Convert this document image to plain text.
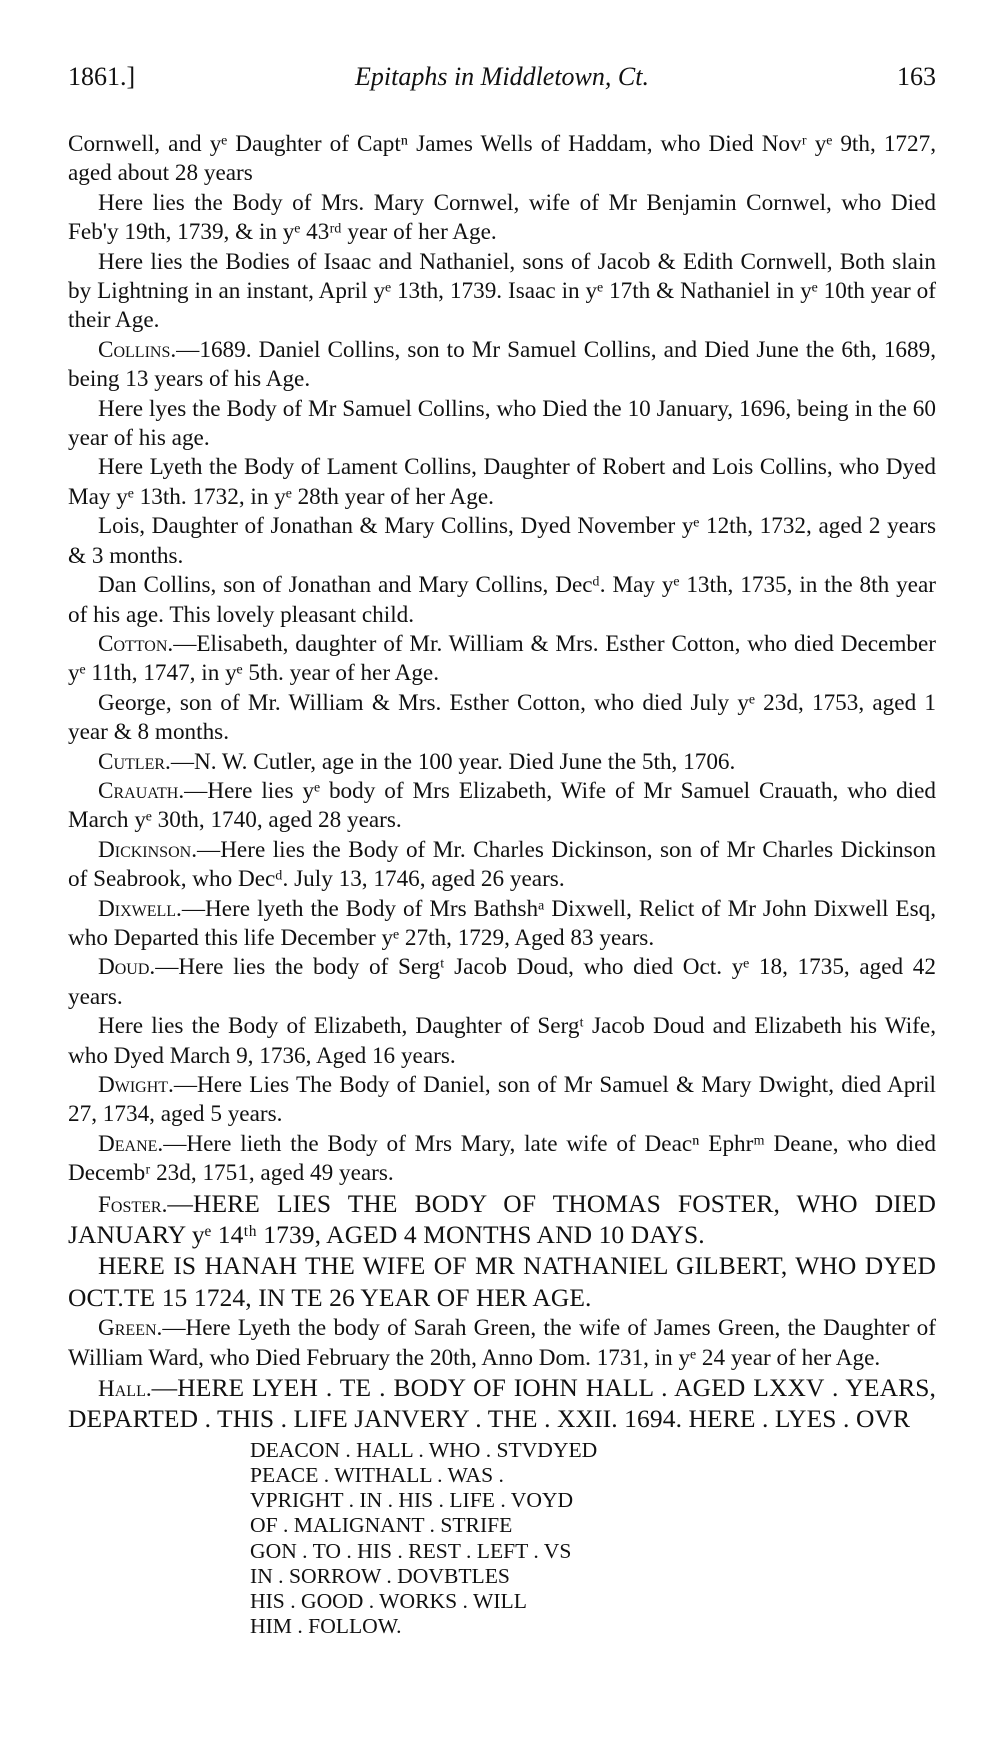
1861.]	Epitaphs in Middletown, Ct.	163

Cornwell, and yᵉ Daughter of Captⁿ James Wells of Haddam, who Died Novʳ yᵉ 9th, 1727, aged about 28 years

Here lies the Body of Mrs. Mary Cornwel, wife of Mr Benjamin Cornwel, who Died Feb'y 19th, 1739, & in yᵉ 43ʳᵈ year of her Age.

Here lies the Bodies of Isaac and Nathaniel, sons of Jacob & Edith Cornwell, Both slain by Lightning in an instant, April yᵉ 13th, 1739. Isaac in yᵉ 17th & Nathaniel in yᵉ 10th year of their Age.

Collins.—1689. Daniel Collins, son to Mr Samuel Collins, and Died June the 6th, 1689, being 13 years of his Age.

Here lyes the Body of Mr Samuel Collins, who Died the 10 January, 1696, being in the 60 year of his age.

Here Lyeth the Body of Lament Collins, Daughter of Robert and Lois Collins, who Dyed May yᵉ 13th. 1732, in yᵉ 28th year of her Age.

Lois, Daughter of Jonathan & Mary Collins, Dyed November yᵉ 12th, 1732, aged 2 years & 3 months.

Dan Collins, son of Jonathan and Mary Collins, Decᵈ. May yᵉ 13th, 1735, in the 8th year of his age. This lovely pleasant child.

Cotton.—Elisabeth, daughter of Mr. William & Mrs. Esther Cotton, who died December yᵉ 11th, 1747, in yᵉ 5th. year of her Age.

George, son of Mr. William & Mrs. Esther Cotton, who died July yᵉ 23d, 1753, aged 1 year & 8 months.

Cutler.—N. W. Cutler, age in the 100 year. Died June the 5th, 1706.

Crauath.—Here lies yᵉ body of Mrs Elizabeth, Wife of Mr Samuel Crauath, who died March yᵉ 30th, 1740, aged 28 years.

Dickinson.—Here lies the Body of Mr. Charles Dickinson, son of Mr Charles Dickinson of Seabrook, who Decᵈ. July 13, 1746, aged 26 years.

Dixwell.—Here lyeth the Body of Mrs Bathshᵃ Dixwell, Relict of Mr John Dixwell Esq, who Departed this life December yᵉ 27th, 1729, Aged 83 years.

Doud.—Here lies the body of Sergᵗ Jacob Doud, who died Oct. yᵉ 18, 1735, aged 42 years.

Here lies the Body of Elizabeth, Daughter of Sergᵗ Jacob Doud and Elizabeth his Wife, who Dyed March 9, 1736, Aged 16 years.

Dwight.—Here Lies The Body of Daniel, son of Mr Samuel & Mary Dwight, died April 27, 1734, aged 5 years.

Deane.—Here lieth the Body of Mrs Mary, late wife of Deacⁿ Ephrᵐ Deane, who died Decembʳ 23d, 1751, aged 49 years.

Foster.—HERE LIES THE BODY OF THOMAS FOSTER, WHO DIED JANUARY yᵉ 14ᵗʰ 1739, AGED 4 MONTHS AND 10 DAYS.

HERE IS HANAH THE WIFE OF MR NATHANIEL GILBERT, WHO DYED OCT.TE 15 1724, IN TE 26 YEAR OF HER AGE.

Green.—Here Lyeth the body of Sarah Green, the wife of James Green, the Daughter of William Ward, who Died February the 20th, Anno Dom. 1731, in yᵉ 24 year of her Age.

Hall.—HERE LYEH . TE . BODY OF IOHN HALL . AGED LXXV . YEARS, DEPARTED . THIS . LIFE JANVERY . THE . XXII. 1694. HERE . LYES . OVR

DEACON . HALL . WHO . STVDYED
PEACE . WITHALL . WAS .
VPRIGHT . IN . HIS . LIFE . VOYD
OF . MALIGNANT . STRIFE
GON . TO . HIS . REST . LEFT . VS
IN . SORROW . DOVBTLES
HIS . GOOD . WORKS . WILL
HIM . FOLLOW.
